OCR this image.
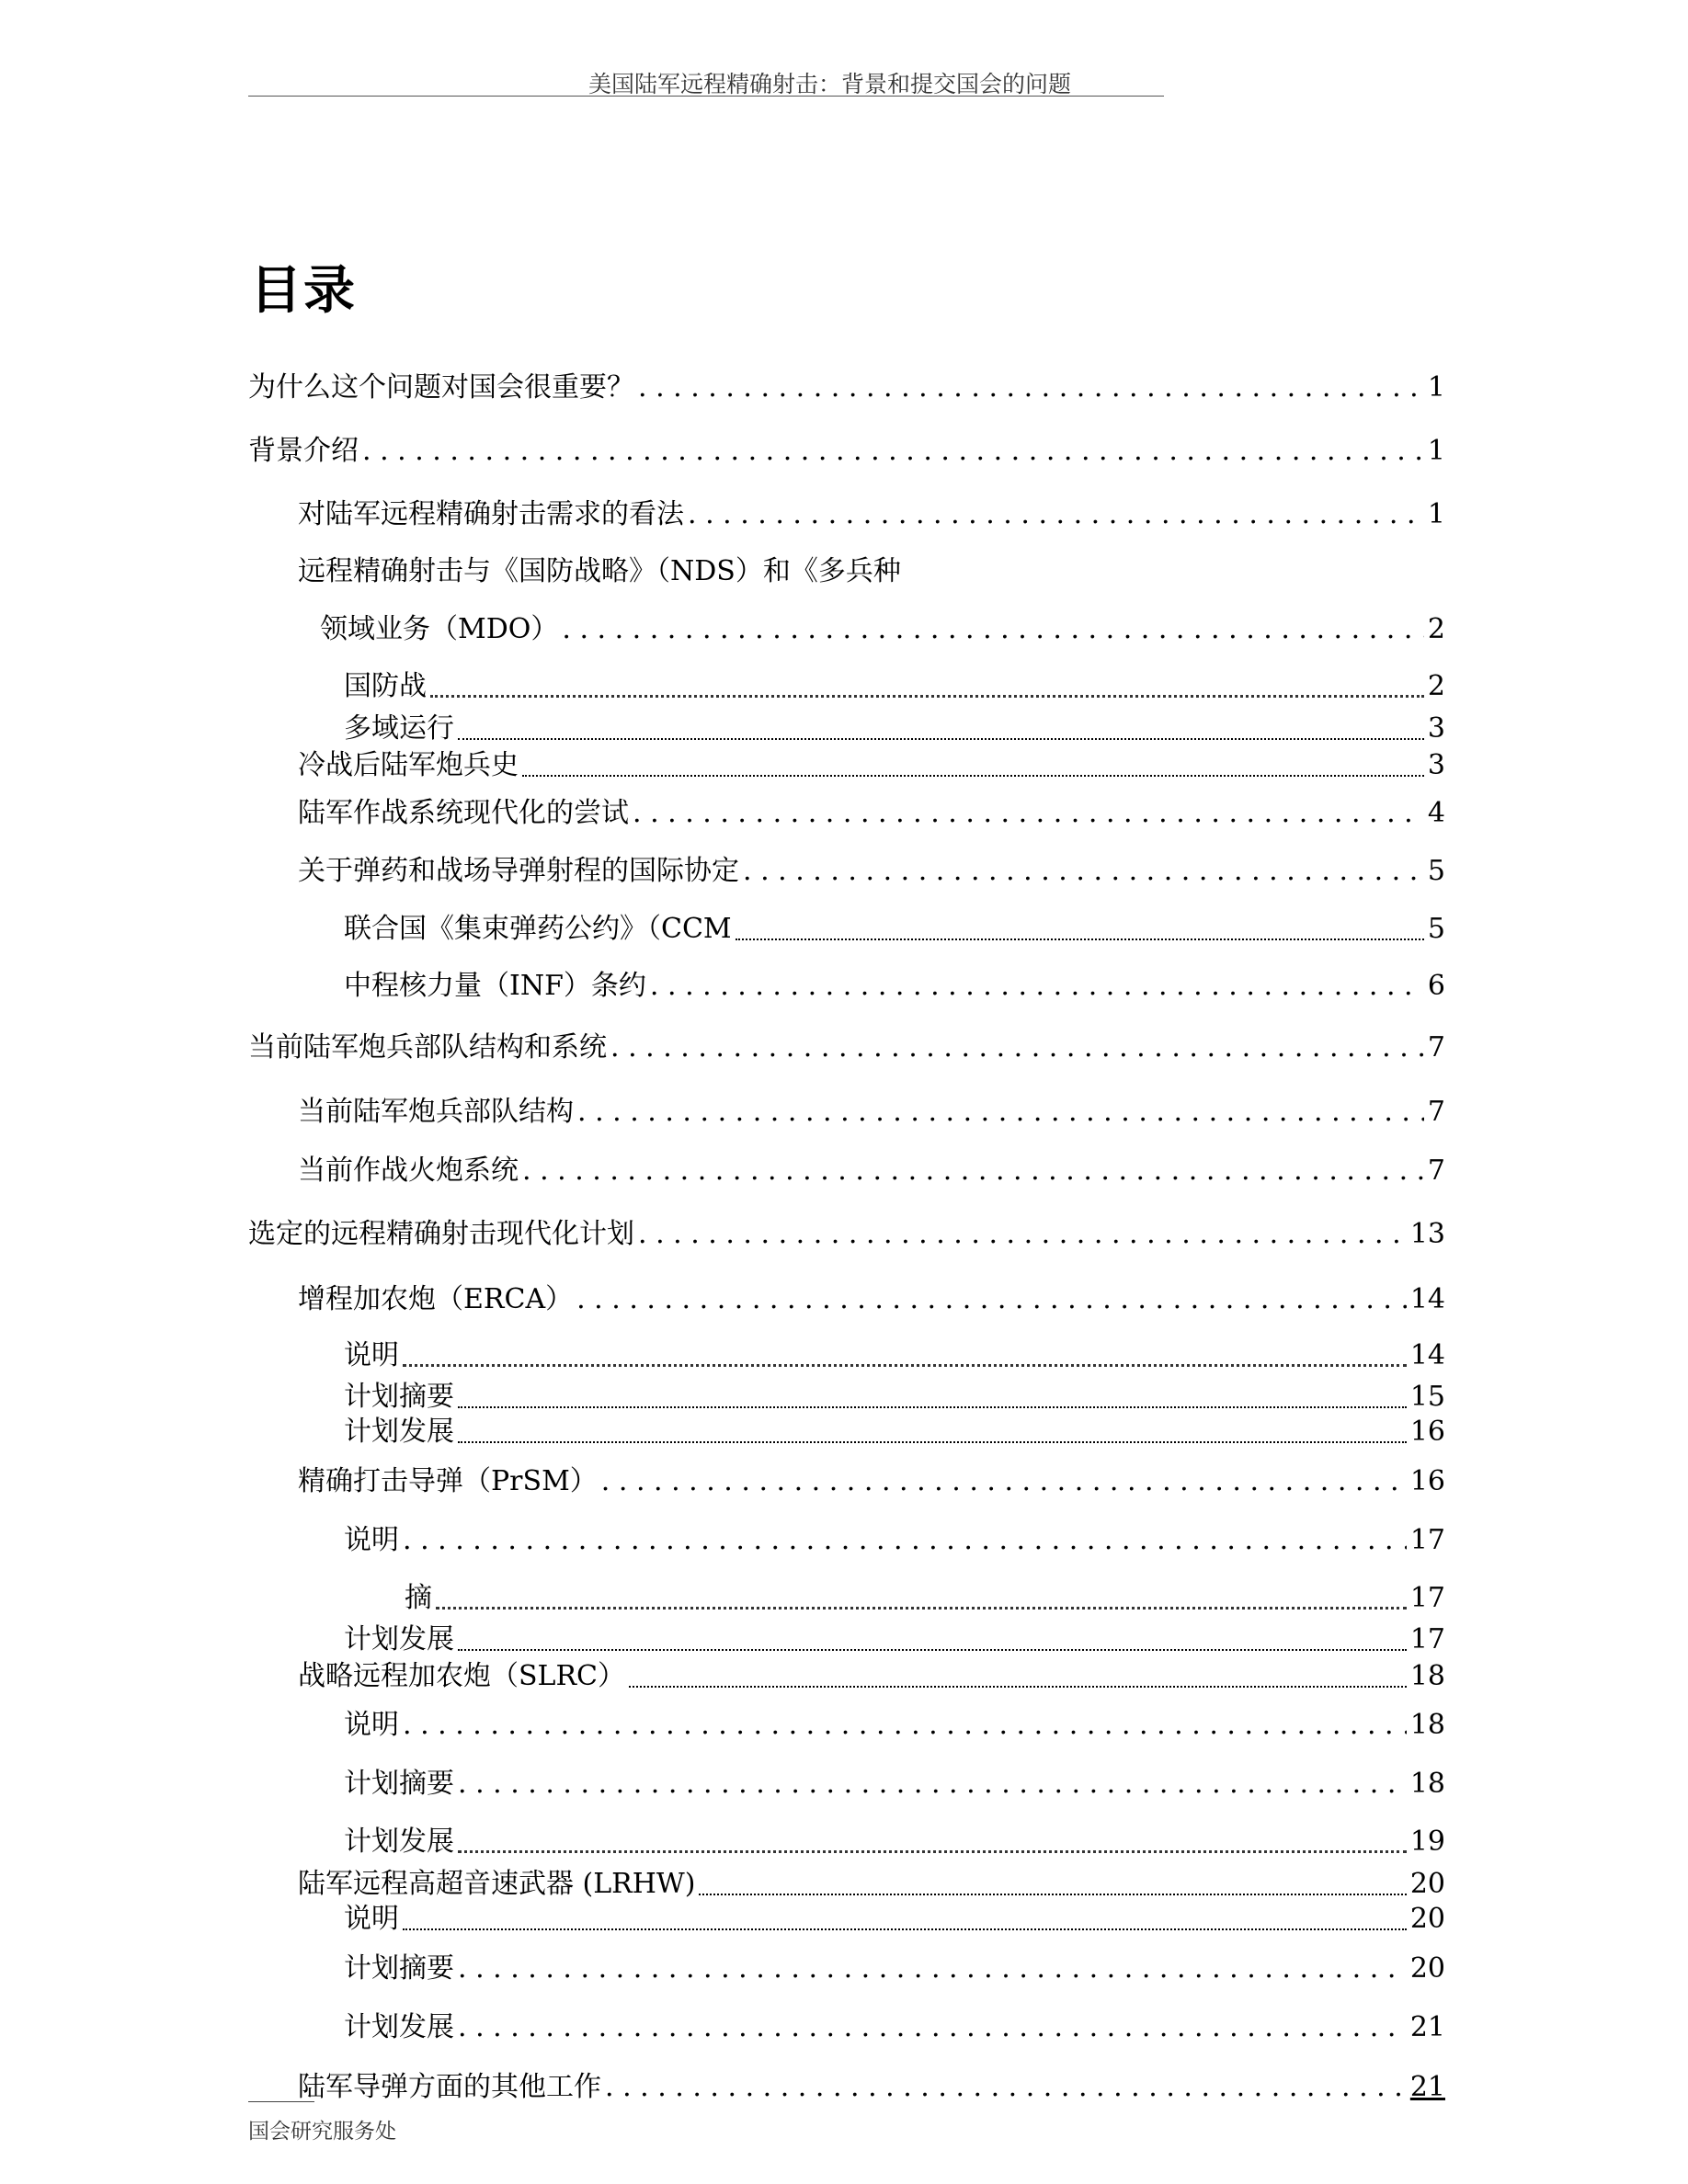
美国陆军远程精确射击：背景和提交国会的问题
目录
为什么这个问题对国会很重要？ . . .	1
背景介绍 . . .	1
对陆军远程精确射击需求的看法 . . .	1
远程精确射击与《国防战略》（NDS）和《多兵种
领域业务（MDO） . . .	2
国防战	2
多域运行	3
冷战后陆军炮兵史	3
陆军作战系统现代化的尝试 . . .	4
关于弹药和战场导弹射程的国际协定 . . .	5
联合国《集束弹药公约》（CCM	5
中程核力量（INF）条约 . . .	6
当前陆军炮兵部队结构和系统 . . .	7
当前陆军炮兵部队结构 . . .	7
当前作战火炮系统 . . .	7
选定的远程精确射击现代化计划 . . .	13
增程加农炮（ERCA） . . .	14
说明	14
计划摘要	15
计划发展	16
精确打击导弹（PrSM） . . .	16
说明 . . .	17
摘	17
计划发展	17
战略远程加农炮（SLRC）	18
说明 . . .	18
计划摘要 . . .	18
计划发展	19
陆军远程高超音速武器 (LRHW)	20
说明	20
计划摘要 . . .	20
计划发展 . . .	21
陆军导弹方面的其他工作 . . .	21
国会研究服务处
